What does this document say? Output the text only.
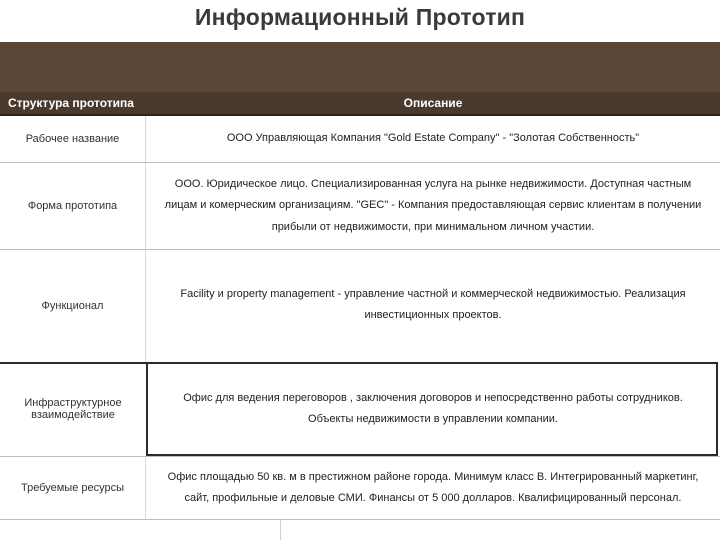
Информационный Прототип
Структура прототипа	Описание
Рабочее название	ООО Управляющая Компания "Gold Estate Company" - "Золотая Собственность"
Форма прототипа
ООО. Юридическое лицо. Специализированная услуга на рынке недвижимости. Доступная частным лицам и комерческим организациям. "GEC" - Компания предоставляющая сервис клиентам в получении прибыли от недвижимости, при минимальном личном участии.
Функционал
Facility и property management - управление частной и коммерческой недвижимостью. Реализация инвестиционных проектов.
Инфраструктурное взаимодействие
Офис для ведения переговоров , заключения договоров и непосредственно работы сотрудников. Объекты недвижимости в управлении компании.
Требуемые ресурсы
Офис площадью 50 кв. м в престижном районе города. Минимум класс B. Интегрированный маркетинг, сайт, профильные и деловые СМИ. Финансы от 5 000 долларов. Квалифицированный персонал.
